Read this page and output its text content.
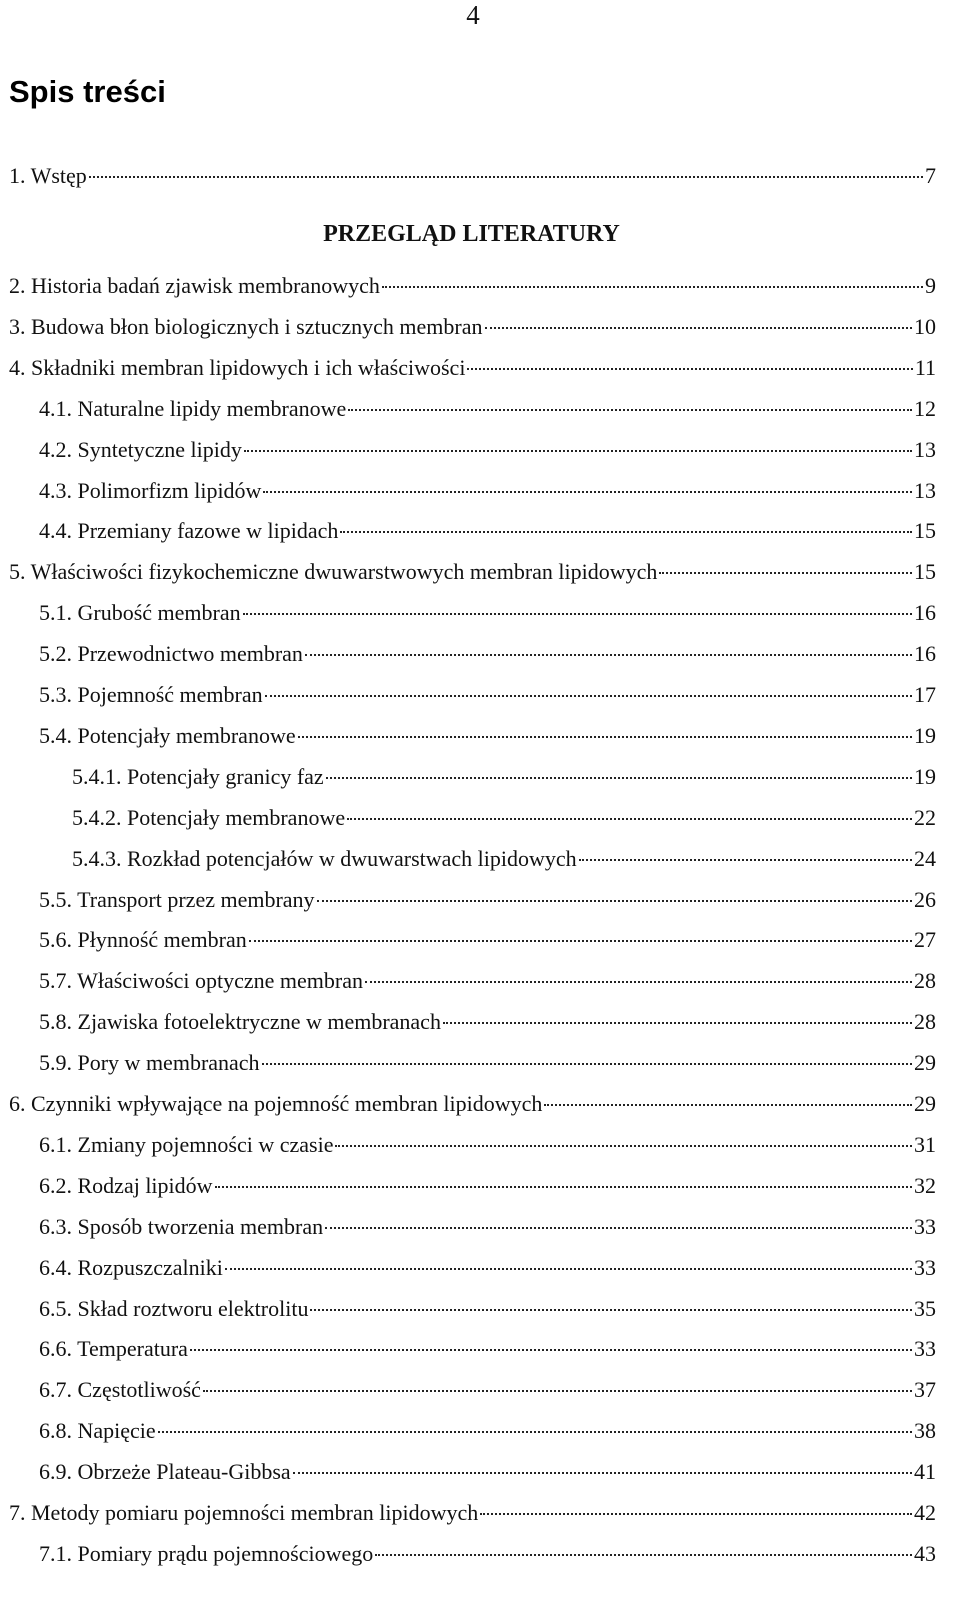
4
Spis treści
1. Wstęp	7
PRZEGLĄD LITERATURY
2. Historia badań zjawisk membranowych	9
3. Budowa błon biologicznych i sztucznych membran	10
4. Składniki membran lipidowych i ich właściwości	11
4.1. Naturalne lipidy membranowe	12
4.2. Syntetyczne lipidy	13
4.3. Polimorfizm lipidów	13
4.4. Przemiany fazowe w lipidach	15
5. Właściwości fizykochemiczne dwuwarstwowych membran lipidowych	15
5.1. Grubość membran	16
5.2. Przewodnictwo membran	16
5.3. Pojemność membran	17
5.4. Potencjały membranowe	19
5.4.1. Potencjały granicy faz	19
5.4.2. Potencjały membranowe	22
5.4.3. Rozkład potencjałów w dwuwarstwach lipidowych	24
5.5. Transport przez membrany	26
5.6. Płynność membran	27
5.7. Właściwości optyczne membran	28
5.8. Zjawiska fotoelektryczne w membranach	28
5.9. Pory w membranach	29
6. Czynniki wpływające na pojemność membran lipidowych	29
6.1. Zmiany pojemności w czasie	31
6.2. Rodzaj lipidów	32
6.3. Sposób tworzenia membran	33
6.4. Rozpuszczalniki	33
6.5. Skład roztworu elektrolitu	35
6.6. Temperatura	33
6.7. Częstotliwość	37
6.8. Napięcie	38
6.9. Obrzeże Plateau-Gibbsa	41
7. Metody pomiaru pojemności membran lipidowych	42
7.1. Pomiary prądu pojemnościowego	43
